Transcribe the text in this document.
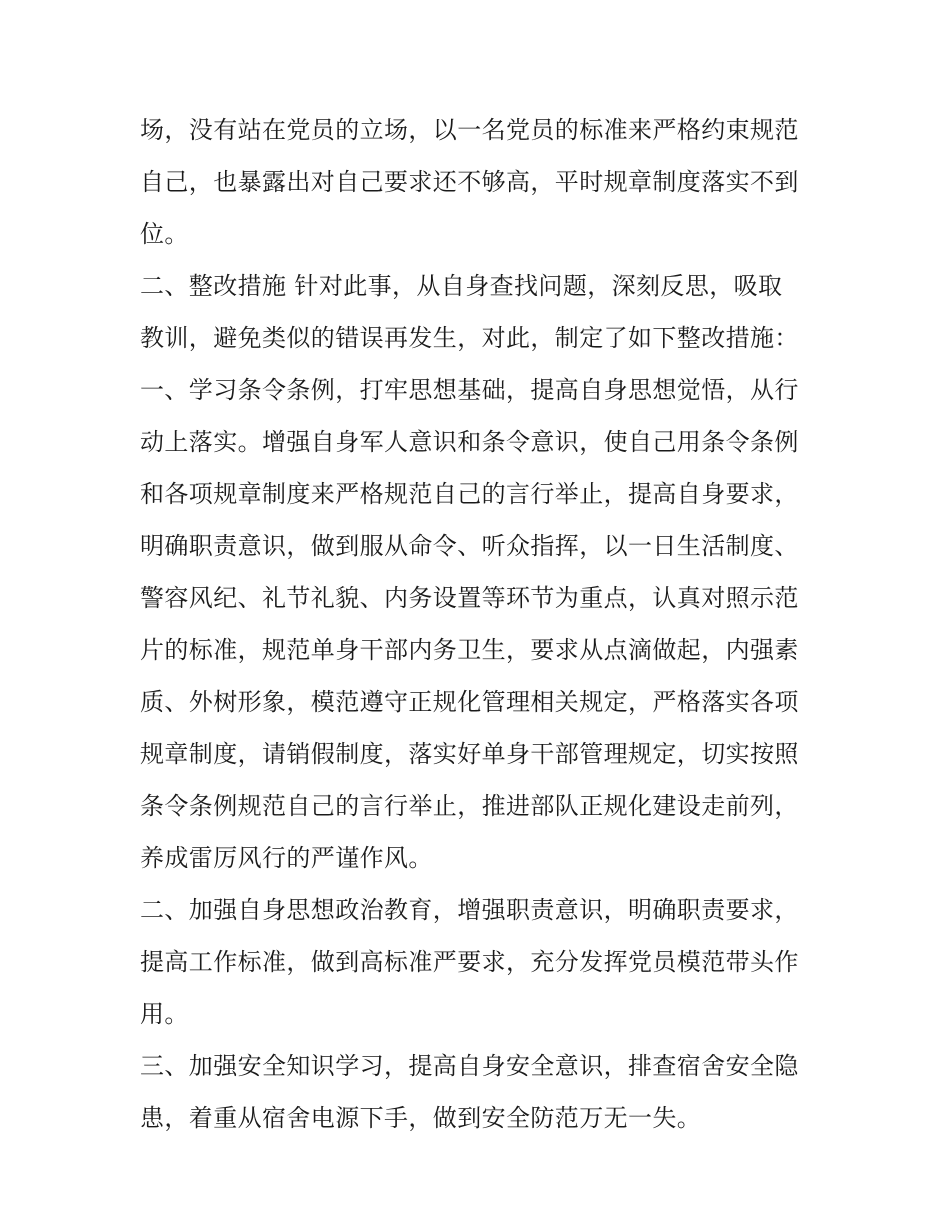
场，没有站在党员的立场，以一名党员的标准来严格约束规范
自己，也暴露出对自己要求还不够高，平时规章制度落实不到
位。
二、整改措施 针对此事，从自身查找问题，深刻反思，吸取
教训，避免类似的错误再发生，对此，制定了如下整改措施：
一、学习条令条例，打牢思想基础，提高自身思想觉悟，从行
动上落实。增强自身军人意识和条令意识，使自己用条令条例
和各项规章制度来严格规范自己的言行举止，提高自身要求，
明确职责意识，做到服从命令、听众指挥，以一日生活制度、
警容风纪、礼节礼貌、内务设置等环节为重点，认真对照示范
片的标准，规范单身干部内务卫生，要求从点滴做起，内强素
质、外树形象，模范遵守正规化管理相关规定，严格落实各项
规章制度，请销假制度，落实好单身干部管理规定，切实按照
条令条例规范自己的言行举止，推进部队正规化建设走前列，
养成雷厉风行的严谨作风。
二、加强自身思想政治教育，增强职责意识，明确职责要求，
提高工作标准，做到高标准严要求，充分发挥党员模范带头作
用。
三、加强安全知识学习，提高自身安全意识，排查宿舍安全隐
患，着重从宿舍电源下手，做到安全防范万无一失。
